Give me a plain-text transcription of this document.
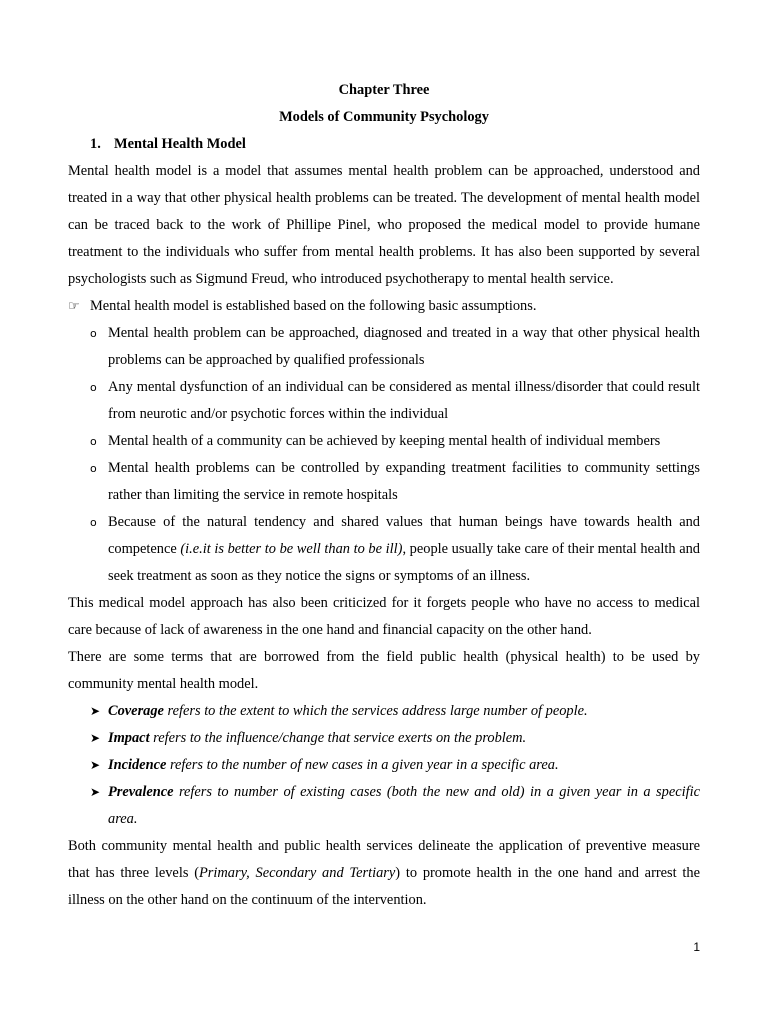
Chapter Three

Models of Community Psychology

1. Mental Health Model

Mental health model is a model that assumes mental health problem can be approached, understood and treated in a way that other physical health problems can be treated. The development of mental health model can be traced back to the work of Phillipe Pinel, who proposed the medical model to provide humane treatment to the individuals who suffer from mental health problems. It has also been supported by several psychologists such as Sigmund Freud, who introduced psychotherapy to mental health service.

☞ Mental health model is established based on the following basic assumptions.
o Mental health problem can be approached, diagnosed and treated in a way that other physical health problems can be approached by qualified professionals
o Any mental dysfunction of an individual can be considered as mental illness/disorder that could result from neurotic and/or psychotic forces within the individual
o Mental health of a community can be achieved by keeping mental health of individual members
o Mental health problems can be controlled by expanding treatment facilities to community settings rather than limiting the service in remote hospitals
o Because of the natural tendency and shared values that human beings have towards health and competence (i.e.it is better to be well than to be ill), people usually take care of their mental health and seek treatment as soon as they notice the signs or symptoms of an illness.

This medical model approach has also been criticized for it forgets people who have no access to medical care because of lack of awareness in the one hand and financial capacity on the other hand.

There are some terms that are borrowed from the field public health (physical health) to be used by community mental health model.

➤ Coverage refers to the extent to which the services address large number of people.
➤ Impact refers to the influence/change that service exerts on the problem.
➤ Incidence refers to the number of new cases in a given year in a specific area.
➤ Prevalence refers to number of existing cases (both the new and old) in a given year in a specific area.

Both community mental health and public health services delineate the application of preventive measure that has three levels (Primary, Secondary and Tertiary) to promote health in the one hand and arrest the illness on the other hand on the continuum of the intervention.

1
